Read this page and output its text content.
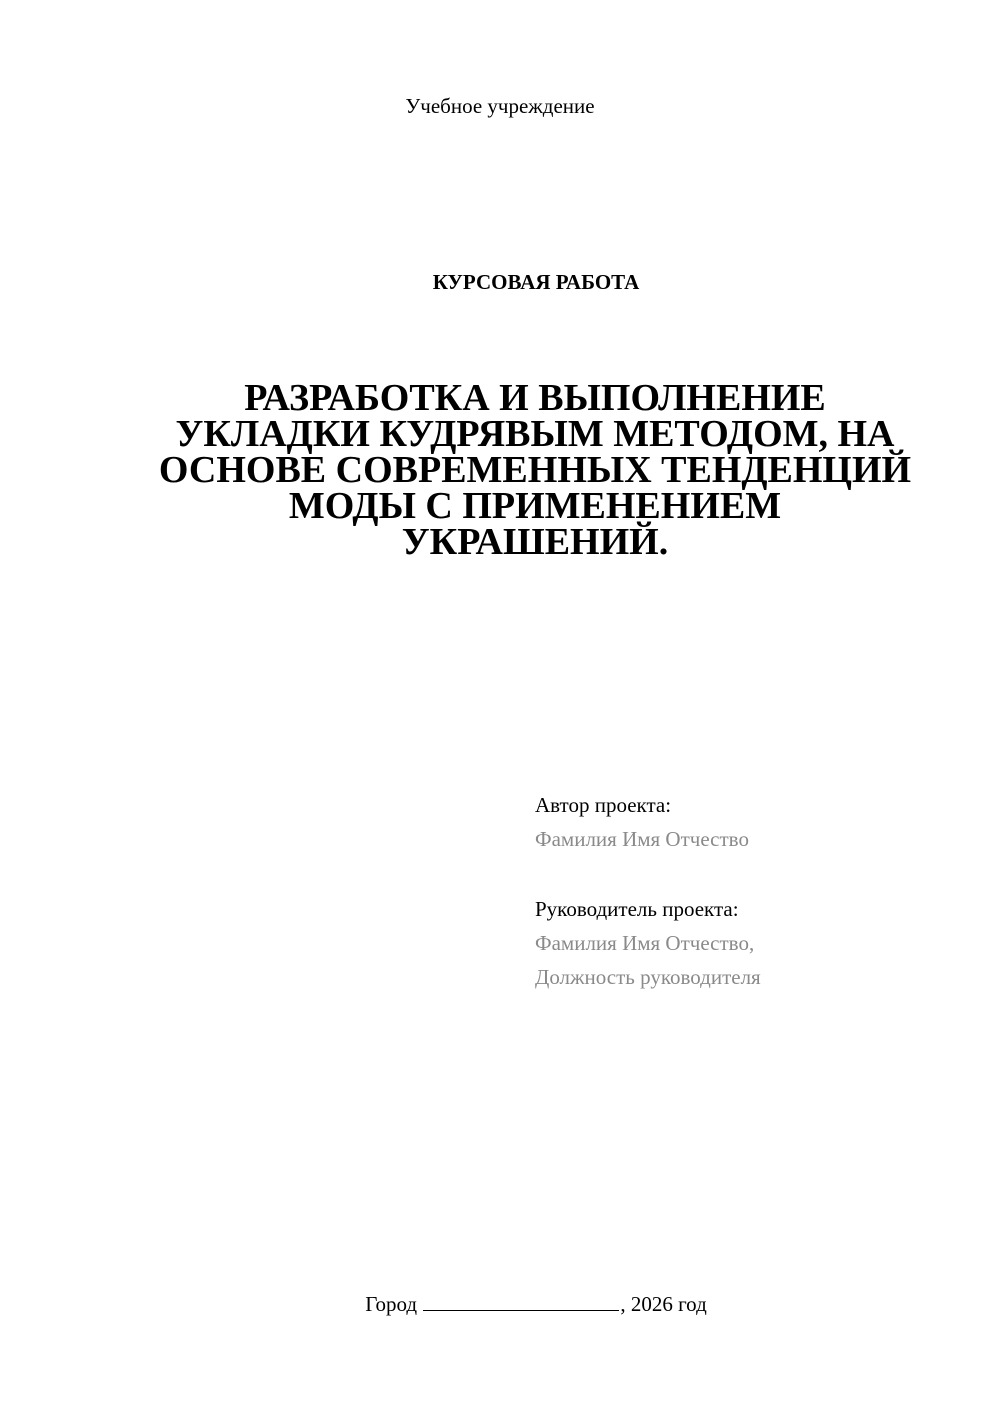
Учебное учреждение
КУРСОВАЯ РАБОТА
РАЗРАБОТКА И ВЫПОЛНЕНИЕ
УКЛАДКИ КУДРЯВЫМ МЕТОДОМ, НА
ОСНОВЕ СОВРЕМЕННЫХ ТЕНДЕНЦИЙ
МОДЫ С ПРИМЕНЕНИЕМ
УКРАШЕНИЙ.
Автор проекта:
Фамилия Имя Отчество
Руководитель проекта:
Фамилия Имя Отчество,
Должность руководителя
Город	, 2026 год
